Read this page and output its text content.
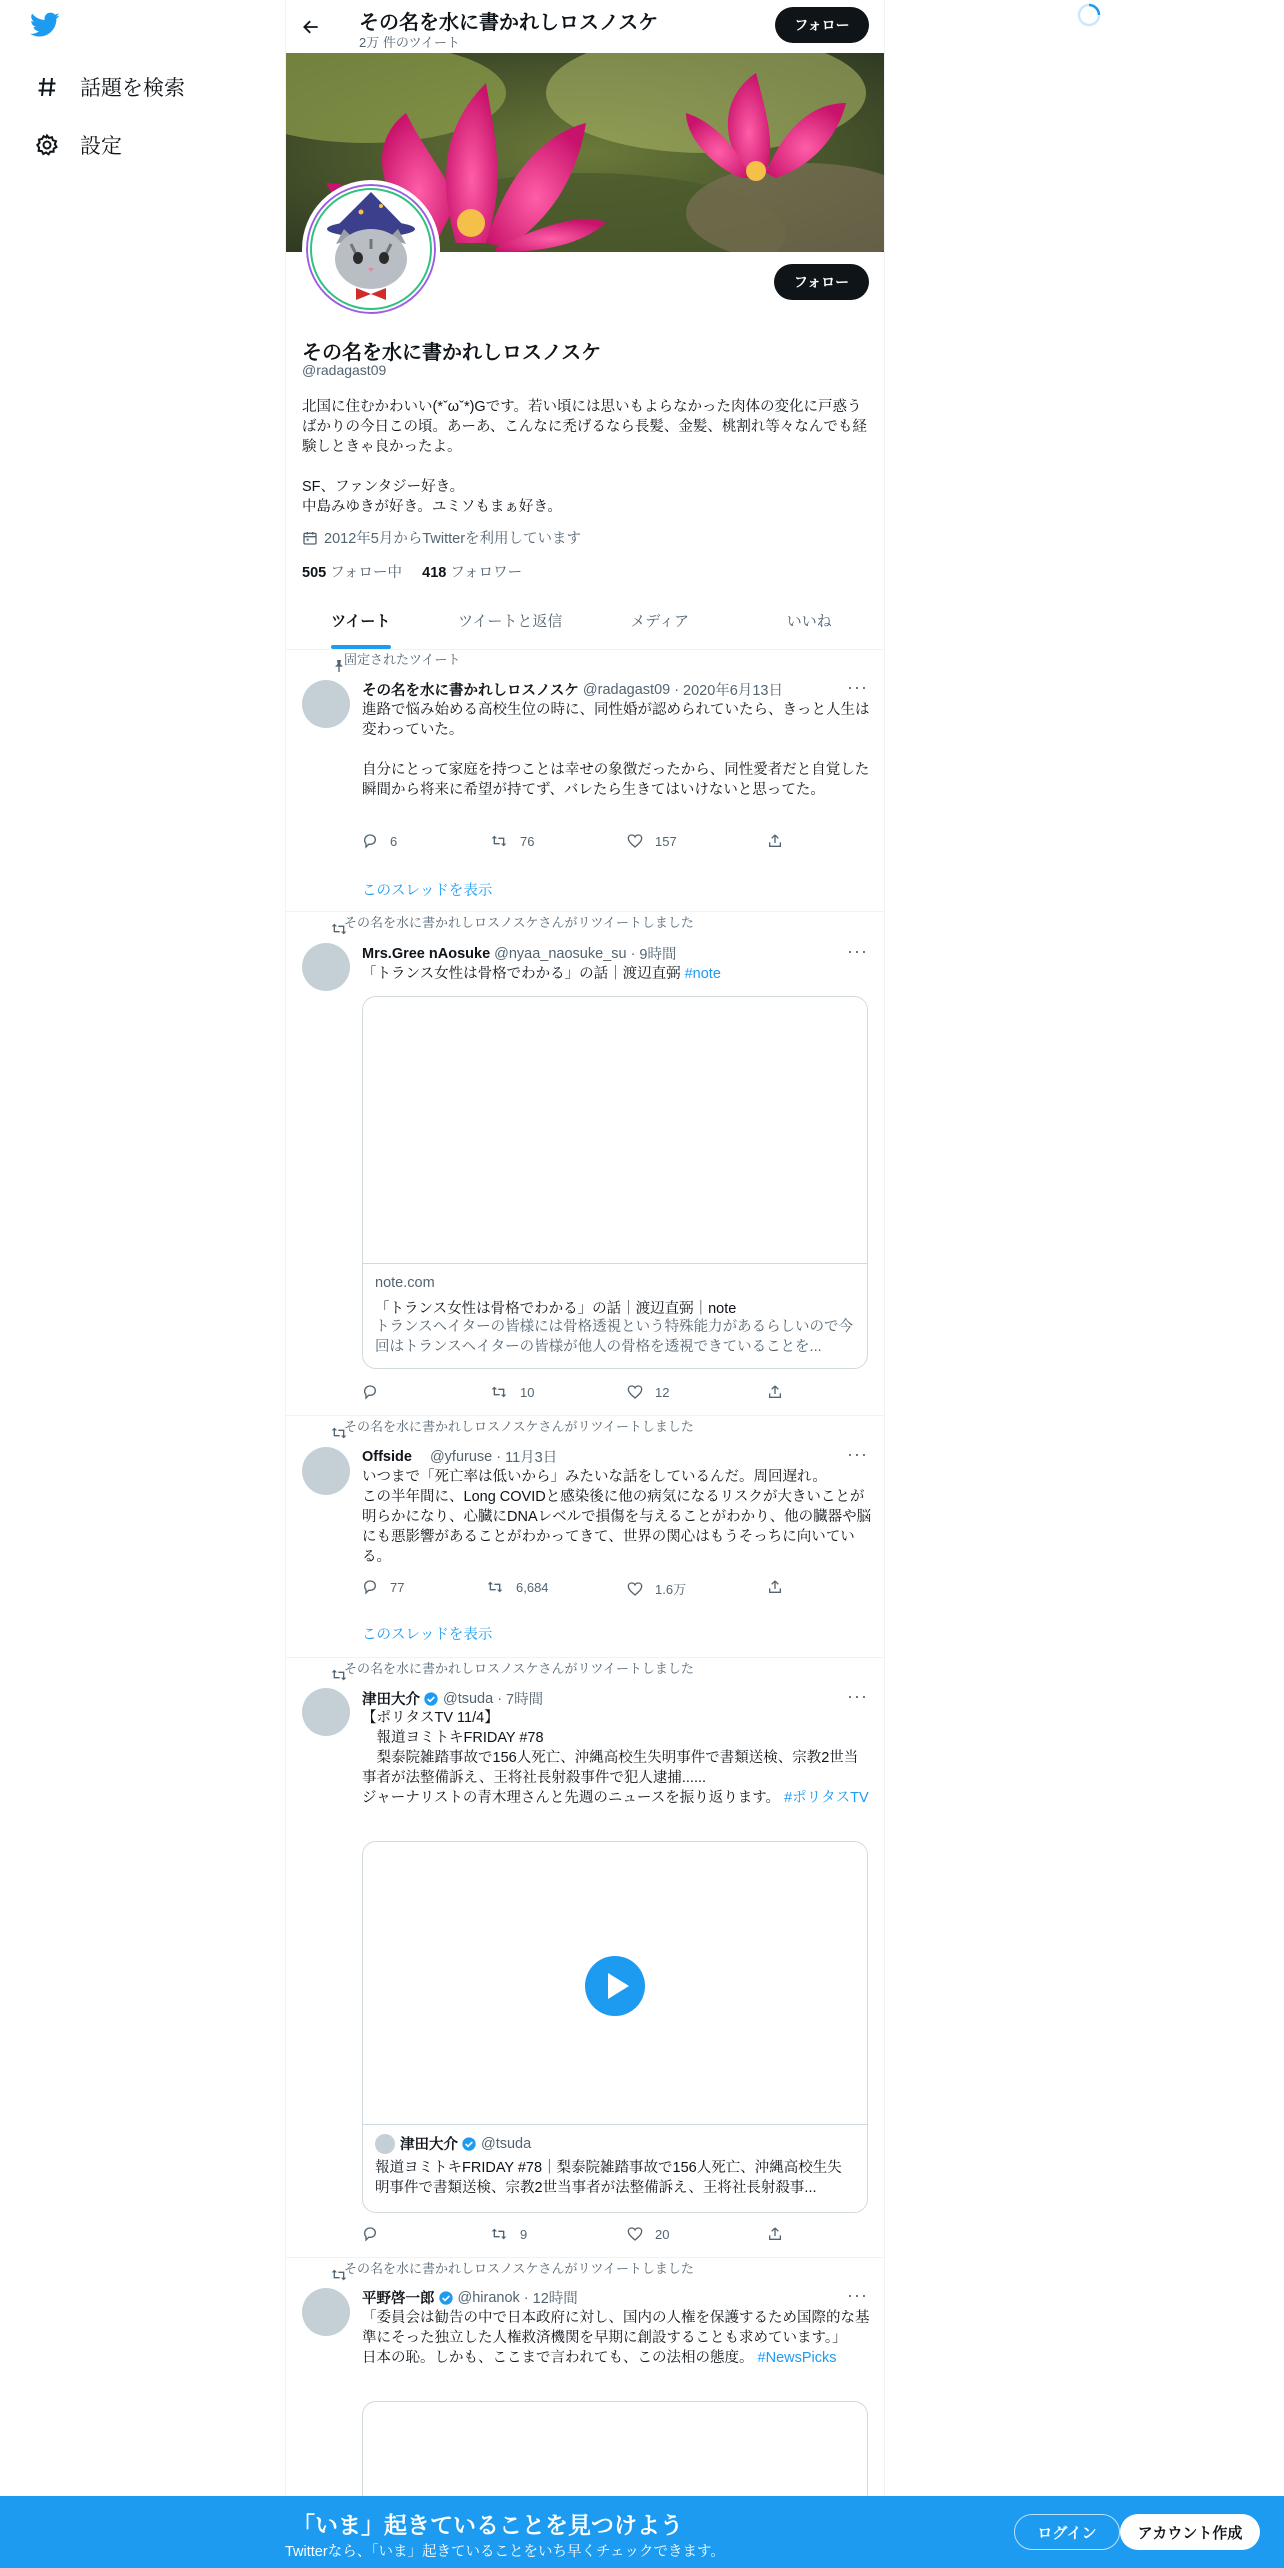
話題を検索
設定
その名を水に書かれしロスノスケ
2万 件のツイート
フォロー
フォロー
その名を水に書かれしロスノスケ
@radagast09
北国に住むかわいい(*ˇωˇ*)Gです。若い頃には思いもよらなかった肉体の変化に戸惑うばかりの今日この頃。あーあ、こんなに禿げるなら長髪、金髪、桃割れ等々なんでも経験しときゃ良かったよ。

SF、ファンタジー好き。
中島みゆきが好き。ユミソもまぁ好き。
2012年5月からTwitterを利用しています
505 フォロー中 418 フォロワー
ツイート	ツイートと返信	メディア	いいね
固定されたツイート
その名を水に書かれしロスノスケ @radagast09 · 2020年6月13日	···
進路で悩み始める高校生位の時に、同性婚が認められていたら、きっと人生は変わっていた。

自分にとって家庭を持つことは幸せの象徴だったから、同性愛者だと自覚した瞬間から将来に希望が持てず、バレたら生きてはいけないと思ってた。
6	76	157
このスレッドを表示
その名を水に書かれしロスノスケさんがリツイートしました
Mrs.Gree nAosuke @nyaa_naosuke_su · 9時間	···
「トランス女性は骨格でわかる」の話｜渡辺直弼 #note
note.com
「トランス女性は骨格でわかる」の話｜渡辺直弼｜note
トランスヘイターの皆様には骨格透視という特殊能力があるらしいので今回はトランスヘイターの皆様が他人の骨格を透視できていることを...
10	12
その名を水に書かれしロスノスケさんがリツイートしました
Offside @yfuruse · 11月3日	···
いつまで「死亡率は低いから」みたいな話をしているんだ。周回遅れ。
この半年間に、Long COVIDと感染後に他の病気になるリスクが大きいことが明らかになり、心臓にDNAレベルで損傷を与えることがわかり、他の臓器や脳にも悪影響があることがわかってきて、世界の関心はもうそっちに向いている。
77	6,684	1.6万
このスレッドを表示
その名を水に書かれしロスノスケさんがリツイートしました
津田大介 @tsuda · 7時間	···
【ポリタスTV 11/4】
　報道ヨミトキFRIDAY #78
　梨泰院雑踏事故で156人死亡、沖縄高校生失明事件で書類送検、宗教2世当事者が法整備訴え、王将社長射殺事件で犯人逮捕......
ジャーナリストの青木理さんと先週のニュースを振り返ります。 #ポリタスTV
津田大介 @tsuda
報道ヨミトキFRIDAY #78｜梨泰院雑踏事故で156人死亡、沖縄高校生失明事件で書類送検、宗教2世当事者が法整備訴え、王将社長射殺事...
9	20
その名を水に書かれしロスノスケさんがリツイートしました
平野啓一郎 @hiranok · 12時間	···
「委員会は勧告の中で日本政府に対し、国内の人権を保護するため国際的な基準にそった独立した人権救済機関を早期に創設することも求めています。」
日本の恥。しかも、ここまで言われても、この法相の態度。 #NewsPicks
「いま」起きていることを見つけよう
Twitterなら、「いま」起きていることをいち早くチェックできます。
ログイン	アカウント作成
